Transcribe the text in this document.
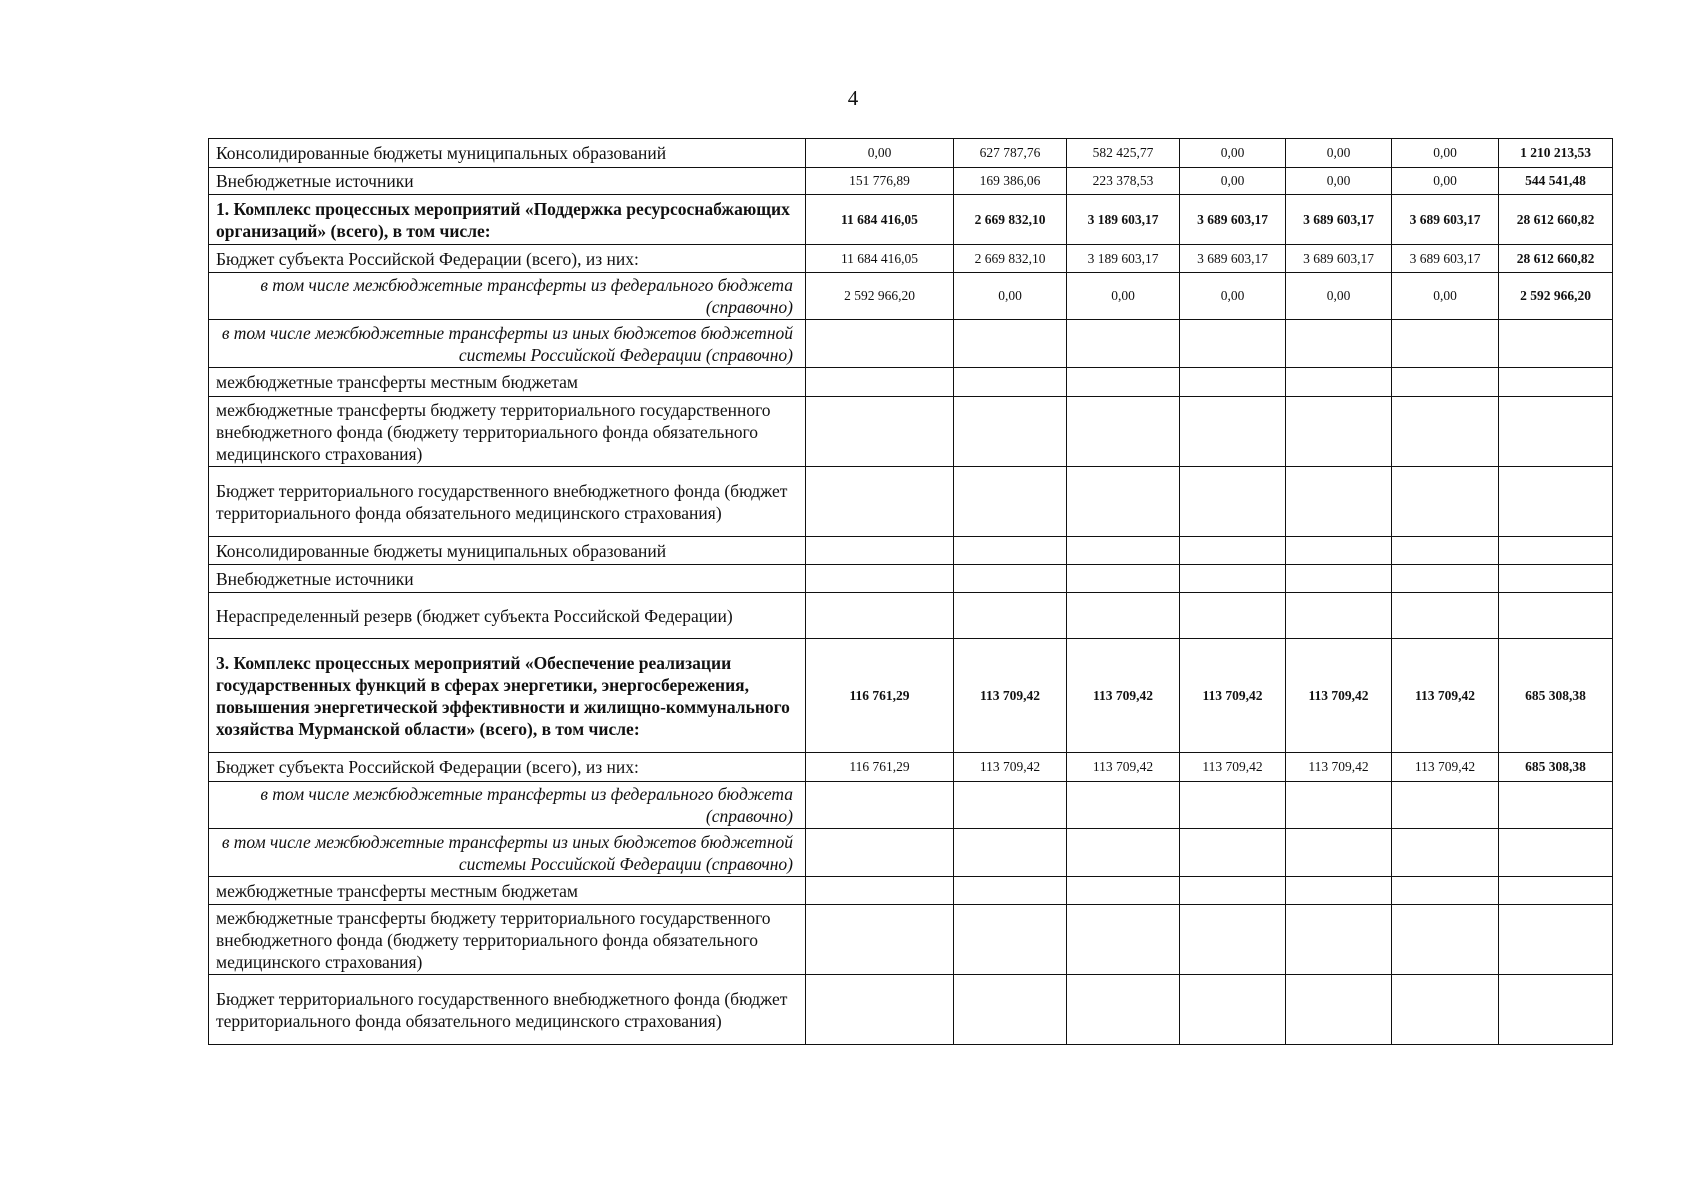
4
Консолидированные бюджеты муниципальных образований	0,00	627 787,76	582 425,77	0,00	0,00	0,00	1 210 213,53
Внебюджетные источники	151 776,89	169 386,06	223 378,53	0,00	0,00	0,00	544 541,48
1. Комплекс процессных мероприятий «Поддержка ресурсоснабжающих организаций» (всего), в том числе:	11 684 416,05	2 669 832,10	3 189 603,17	3 689 603,17	3 689 603,17	3 689 603,17	28 612 660,82
Бюджет субъекта Российской Федерации (всего), из них:	11 684 416,05	2 669 832,10	3 189 603,17	3 689 603,17	3 689 603,17	3 689 603,17	28 612 660,82
в том числе межбюджетные трансферты из федерального бюджета (справочно)	2 592 966,20	0,00	0,00	0,00	0,00	0,00	2 592 966,20
в том числе межбюджетные трансферты из иных бюджетов бюджетной системы Российской Федерации (справочно)							
межбюджетные трансферты местным бюджетам							
межбюджетные трансферты бюджету территориального государственного внебюджетного фонда (бюджету территориального фонда обязательного медицинского страхования)							
Бюджет территориального государственного внебюджетного фонда (бюджет территориального фонда обязательного медицинского страхования)							
Консолидированные бюджеты муниципальных образований							
Внебюджетные источники							
Нераспределенный резерв (бюджет субъекта Российской Федерации)							
3. Комплекс процессных мероприятий «Обеспечение реализации государственных функций в сферах энергетики, энергосбережения, повышения энергетической эффективности и жилищно-коммунального хозяйства Мурманской области» (всего), в том числе:	116 761,29	113 709,42	113 709,42	113 709,42	113 709,42	113 709,42	685 308,38
Бюджет субъекта Российской Федерации (всего), из них:	116 761,29	113 709,42	113 709,42	113 709,42	113 709,42	113 709,42	685 308,38
в том числе межбюджетные трансферты из федерального бюджета (справочно)							
в том числе межбюджетные трансферты из иных бюджетов бюджетной системы Российской Федерации (справочно)							
межбюджетные трансферты местным бюджетам							
межбюджетные трансферты бюджету территориального государственного внебюджетного фонда (бюджету территориального фонда обязательного медицинского страхования)							
Бюджет территориального государственного внебюджетного фонда (бюджет территориального фонда обязательного медицинского страхования)							
